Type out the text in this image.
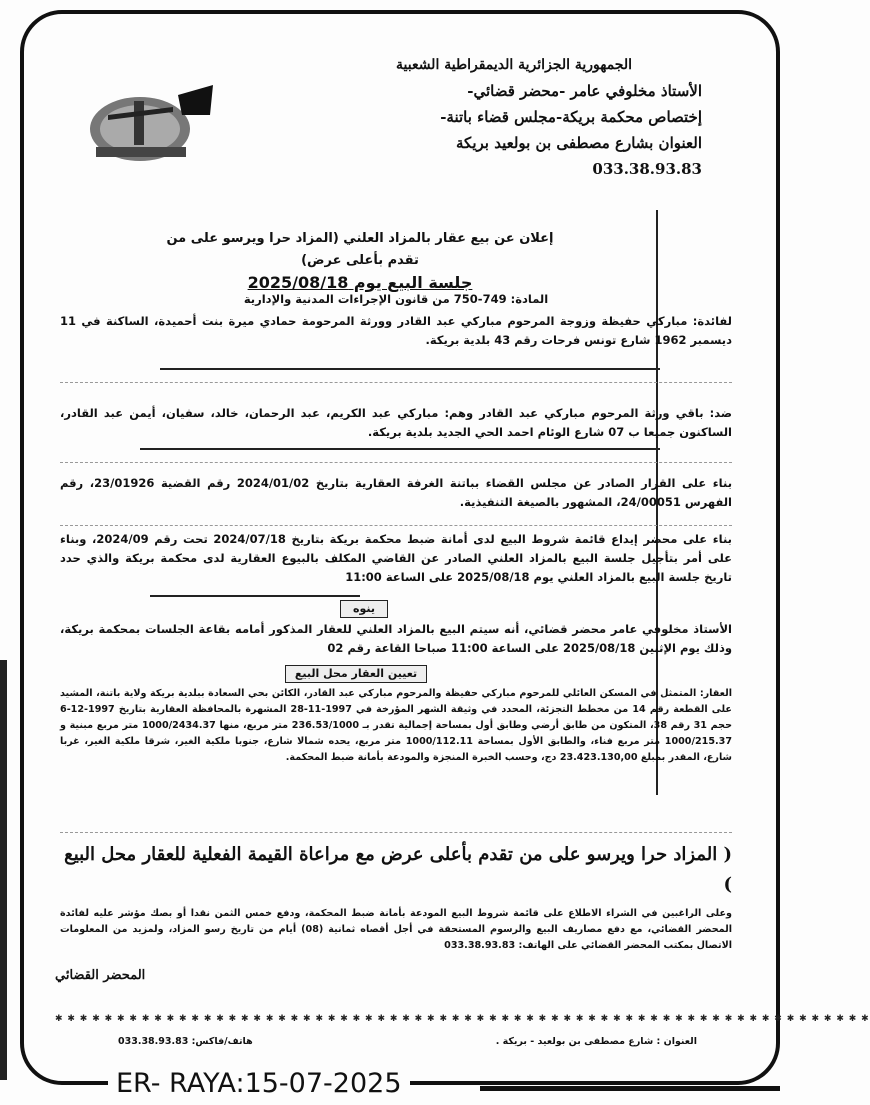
الجمهورية الجزائرية الديمقراطية الشعبية
الأستاذ مخلوفي عامر -محضر قضائي-
إختصاص محكمة بريكة-مجلس قضاء باتنة-
العنوان بشارع مصطفى بن بولعيد بريكة
033.38.93.83
إعلان عن بيع عقار بالمزاد العلني (المزاد حرا ويرسو على من تقدم بأعلى عرض)
جلسة البيع يوم 2025/08/18
المادة: 749-750 من قانون الإجراءات المدنية والإدارية
لفائدة: مباركي حفيظة وزوجة المرحوم مباركي عبد القادر وورثة المرحومة حمادي ميرة بنت أحميدة، الساكنة في 11 ديسمبر 1962 شارع تونس فرحات رقم 43 بلدية بريكة.
ضد: باقي ورثة المرحوم مباركي عبد القادر وهم: مباركي عبد الكريم، عبد الرحمان، خالد، سفيان، أيمن عبد القادر، الساكنون جميعا ب 07 شارع الوئام احمد الحي الجديد بلدية بريكة.
بناء على القرار الصادر عن مجلس القضاء بباتنة الغرفة العقارية بتاريخ 2024/01/02 رقم القضية 23/01926، رقم الفهرس 24/00051، المشهور بالصيغة التنفيذية.
بناء على محضر إيداع قائمة شروط البيع لدى أمانة ضبط محكمة بريكة بتاريخ 2024/07/18 تحت رقم 2024/09، وبناء على أمر بتأجيل جلسة البيع بالمزاد العلني الصادر عن القاضي المكلف بالبيوع العقارية لدى محكمة بريكة والذي حدد تاريخ جلسة البيع بالمزاد العلني يوم 2025/08/18 على الساعة 11:00
ينوه
الأستاذ مخلوفي عامر محضر قضائي، أنه سيتم البيع بالمزاد العلني للعقار المذكور أمامه بقاعة الجلسات بمحكمة بريكة، وذلك يوم الإثنين 2025/08/18 على الساعة 11:00 صباحا القاعة رقم 02
تعيين العقار محل البيع
العقار: المتمثل في المسكن العائلي للمرحوم مباركي حفيظة والمرحوم مباركي عبد القادر، الكائن بحي السعادة ببلدية بريكة ولاية باتنة، المشيد على القطعة رقم 14 من مخطط التجزئة، المحدد في وثيقة الشهر المؤرخة في 1997-11-28 المشهرة بالمحافظة العقارية بتاريخ 1997-12-6 حجم 31 رقم 38، المتكون من طابق أرضي وطابق أول بمساحة إجمالية تقدر بـ 236.53/1000 متر مربع، منها 1000/2434.37 متر مربع مبنية و 1000/215.37 متر مربع فناء، والطابق الأول بمساحة 1000/112.11 متر مربع، يحده شمالا شارع، جنوبا ملكية الغير، شرقا ملكية الغير، غربا شارع، المقدر بمبلغ 23.423.130,00 دج، وحسب الخبرة المنجزة والمودعة بأمانة ضبط المحكمة.
( المزاد حرا ويرسو على من تقدم بأعلى عرض مع مراعاة القيمة الفعلية للعقار محل البيع )
وعلى الراغبين في الشراء الاطلاع على قائمة شروط البيع المودعة بأمانة ضبط المحكمة، ودفع خمس الثمن نقدا أو بصك مؤشر عليه لفائدة المحضر القضائي، مع دفع مصاريف البيع والرسوم المستحقة في أجل أقصاه ثمانية (08) أيام من تاريخ رسو المزاد، ولمزيد من المعلومات الاتصال بمكتب المحضر القضائي على الهاتف: 033.38.93.83
المحضر القضائي
✱ ✱ ✱ ✱ ✱ ✱ ✱ ✱ ✱ ✱ ✱ ✱ ✱ ✱ ✱ ✱ ✱ ✱ ✱ ✱ ✱ ✱ ✱ ✱ ✱ ✱ ✱ ✱ ✱ ✱ ✱ ✱ ✱ ✱ ✱ ✱ ✱ ✱ ✱ ✱ ✱ ✱ ✱ ✱ ✱ ✱ ✱ ✱ ✱ ✱ ✱ ✱ ✱ ✱ ✱ ✱ ✱ ✱ ✱ ✱ ✱ ✱ ✱ ✱ ✱ ✱
العنوان : شارع مصطفى بن بولعيد - بريكة .
هاتف/فاكس: 033.38.93.83
ER- RAYA:15-07-2025
